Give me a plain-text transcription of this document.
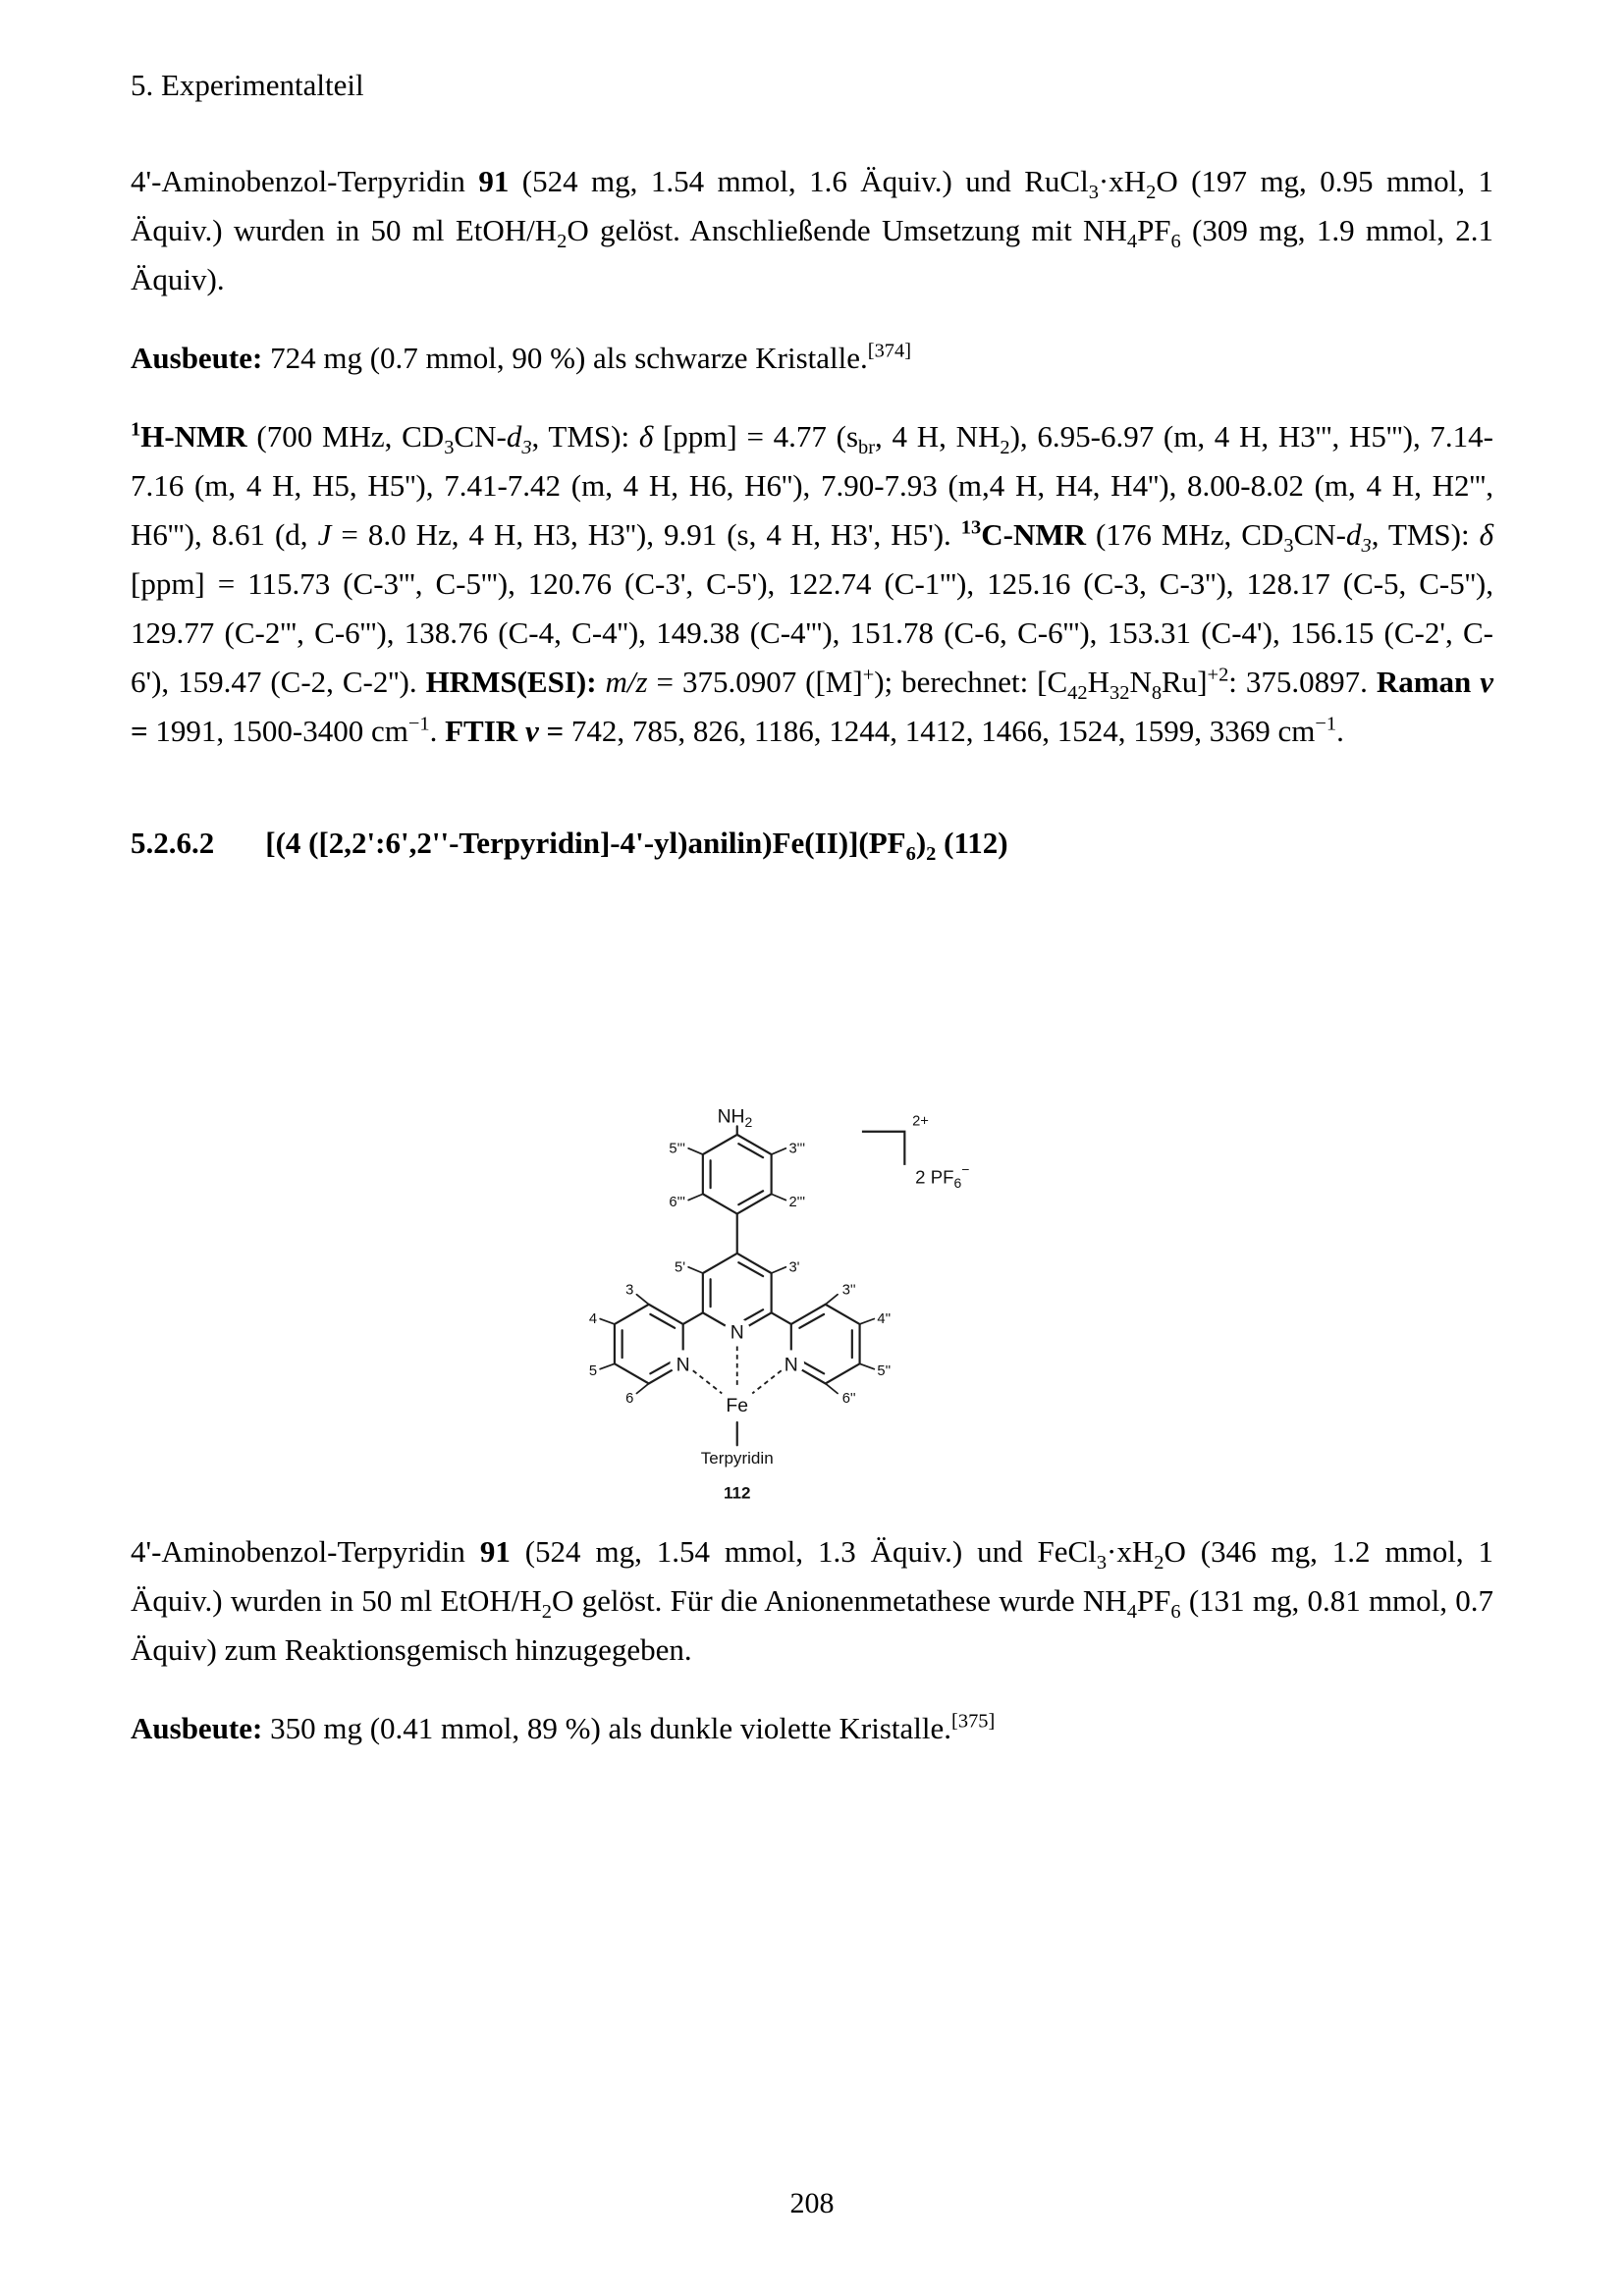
5. Experimentalteil

4'-Aminobenzol-Terpyridin 91 (524 mg, 1.54 mmol, 1.6 Äquiv.) und $RuCl_3\cdot xH_2O$ (197 mg, 0.95 mmol, 1 Äquiv.) wurden in 50 ml EtOH/$H_2O$ gelöst. Anschließende Umsetzung mit $NH_4PF_6$ (309 mg, 1.9 mmol, 2.1 Äquiv).

Ausbeute: 724 mg (0.7 mmol, 90 %) als schwarze Kristalle.[374]

$^1$H-NMR (700 MHz, $CD_3CN-d_3$, TMS): δ [ppm] = 4.77 ($s_{br}$, 4 H, $NH_2$), 6.95-6.97 (m, 4 H, H3''', H5'''), 7.14-7.16 (m, 4 H, H5, H5''), 7.41-7.42 (m, 4 H, H6, H6''), 7.90-7.93 (m,4 H, H4, H4''), 8.00-8.02 (m, 4 H, H2''', H6'''), 8.61 (d, J = 8.0 Hz, 4 H, H3, H3''), 9.91 (s, 4 H, H3', H5'). $^{13}$C-NMR (176 MHz, $CD_3CN-d_3$, TMS): δ [ppm] = 115.73 (C-3''', C-5'''), 120.76 (C-3', C-5'), 122.74 (C-1'''), 125.16 (C-3, C-3''), 128.17 (C-5, C-5''), 129.77 (C-2''', C-6'''), 138.76 (C-4, C-4''), 149.38 (C-4'''), 151.78 (C-6, C-6'''), 153.31 (C-4'), 156.15 (C-2', C-6'), 159.47 (C-2, C-2''). HRMS(ESI): m/z = 375.0907 ([M]+); berechnet: $[C_{42}H_{32}N_8Ru]^{+2}$: 375.0897. Raman ν = 1991, 1500-3400 $cm^{-1}$. FTIR ν = 742, 785, 826, 1186, 1244, 1412, 1466, 1524, 1599, 3369 $cm^{-1}$.

5.2.6.2 [(4 $([2,2':6',2''-Terpyridin]-4'-yl)anilin)Fe(II)](PF_6)_2$ (112)
$NH_2$	2+
2 $PF_6^-$
5'''	3'''
6'''	2'''
5'	3'
3
4
5
6
3''
4''
5''
6''
N
N	N
Fe
Terpyridin
112

4'-Aminobenzol-Terpyridin 91 (524 mg, 1.54 mmol, 1.3 Äquiv.) und $FeCl_3\cdot xH_2O$ (346 mg, 1.2 mmol, 1 Äquiv.) wurden in 50 ml EtOH/$H_2O$ gelöst. Für die Anionenmetathese wurde $NH_4PF_6$ (131 mg, 0.81 mmol, 0.7 Äquiv) zum Reaktionsgemisch hinzugegeben.

Ausbeute: 350 mg (0.41 mmol, 89 %) als dunkle violette Kristalle.[375]

208
